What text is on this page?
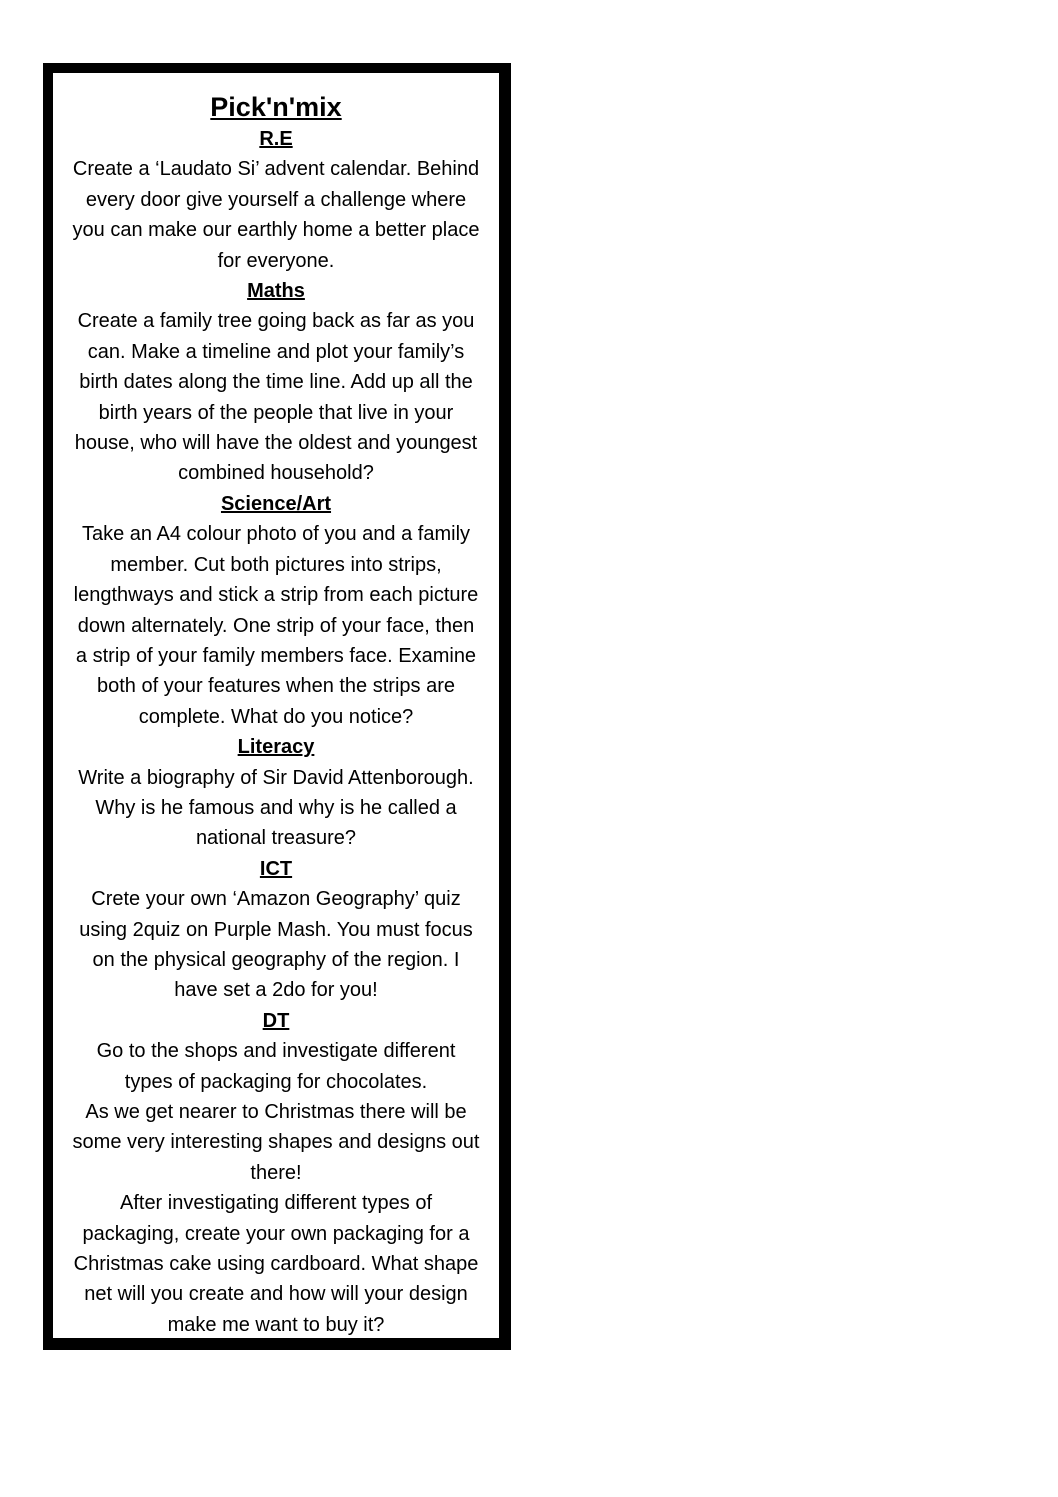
Pick'n'mix
R.E

Create a ‘Laudato Si’ advent calendar. Behind
every door give yourself a challenge where
you can make our earthly home a better place
for everyone.

Maths

Create a family tree going back as far as you
can. Make a timeline and plot your family’s
birth dates along the time line. Add up all the
birth years of the people that live in your
house, who will have the oldest and youngest
combined household?

Science/Art

Take an A4 colour photo of you and a family
member. Cut both pictures into strips,
lengthways and stick a strip from each picture
down alternately. One strip of your face, then
a strip of your family members face. Examine
both of your features when the strips are
complete. What do you notice?

Literacy

Write a biography of Sir David Attenborough.
Why is he famous and why is he called a
national treasure?

ICT

Crete your own ‘Amazon Geography’ quiz
using 2quiz on Purple Mash. You must focus
on the physical geography of the region. I
have set a 2do for you!

DT

Go to the shops and investigate different
types of packaging for chocolates.
As we get nearer to Christmas there will be
some very interesting shapes and designs out
there!
After investigating different types of
packaging, create your own packaging for a
Christmas cake using cardboard. What shape
net will you create and how will your design
make me want to buy it?
